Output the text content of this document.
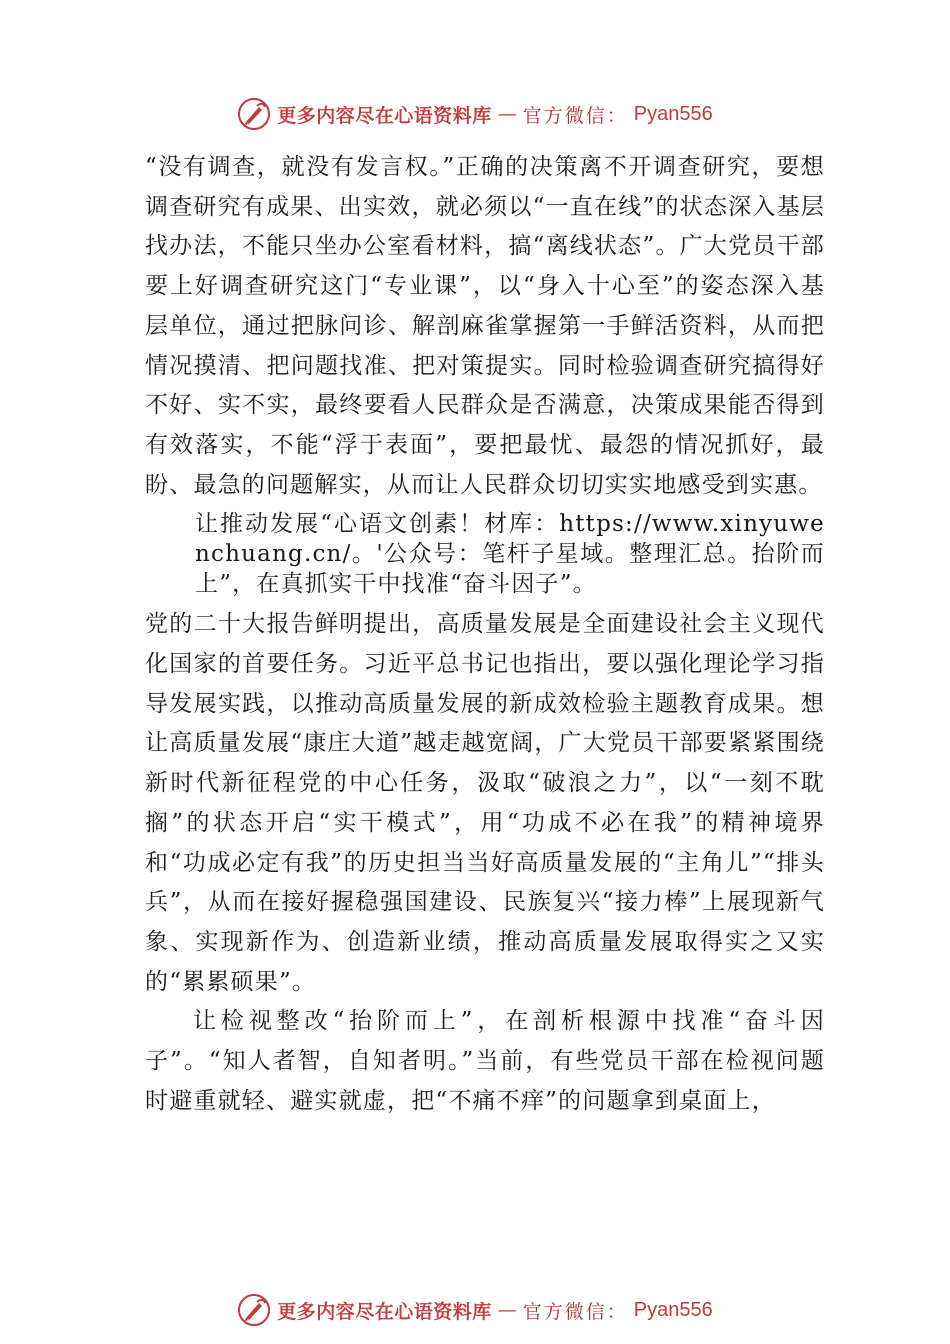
更多内容尽在心语资料库 — 官方微信： Pyan556

“没有调查，就没有发言权。”正确的决策离不开调查研究，要想调查研究有成果、出实效，就必须以“一直在线”的状态深入基层找办法，不能只坐办公室看材料，搞“离线状态”。广大党员干部要上好调查研究这门“专业课”，以“身入十心至”的姿态深入基层单位，通过把脉问诊、解剖麻雀掌握第一手鲜活资料，从而把情况摸清、把问题找准、把对策提实。同时检验调查研究搞得好不好、实不实，最终要看人民群众是否满意，决策成果能否得到有效落实，不能“浮于表面”，要把最忧、最怨的情况抓好，最盼、最急的问题解实，从而让人民群众切切实实地感受到实惠。

让推动发展“心语文创素！材库：https://www.xinyuwenchuang.cn/。'公众号：笔杆子星域。整理汇总。抬阶而上”，在真抓实干中找准“奋斗因子”。

党的二十大报告鲜明提出，高质量发展是全面建设社会主义现代化国家的首要任务。习近平总书记也指出，要以强化理论学习指导发展实践，以推动高质量发展的新成效检验主题教育成果。想让高质量发展“康庄大道”越走越宽阔，广大党员干部要紧紧围绕新时代新征程党的中心任务，汲取“破浪之力”，以“一刻不耽搁”的状态开启“实干模式”，用“功成不必在我”的精神境界和“功成必定有我”的历史担当当好高质量发展的“主角儿”“排头兵”，从而在接好握稳强国建设、民族复兴“接力棒”上展现新气象、实现新作为、创造新业绩，推动高质量发展取得实之又实的“累累硕果”。

让检视整改“抬阶而上”，在剖析根源中找准“奋斗因子”。“知人者智，自知者明。”当前，有些党员干部在检视问题时避重就轻、避实就虚，把“不痛不痒”的问题拿到桌面上，

更多内容尽在心语资料库 — 官方微信： Pyan556
